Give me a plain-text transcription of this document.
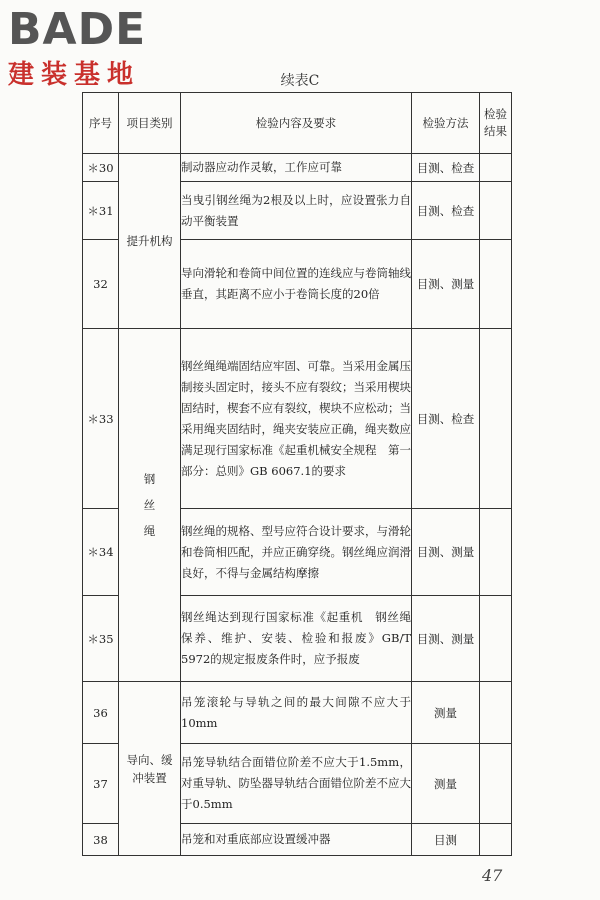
BADE
建装基地	续表C
序号	项目类别	检验内容及要求	检验方法	检验结果
＊30	提升机构	制动器应动作灵敏，工作应可靠	目测、检查	
＊31		当曳引钢丝绳为2根及以上时，应设置张力自动平衡装置	目测、检查	
32		导向滑轮和卷筒中间位置的连线应与卷筒轴线垂直，其距离不应小于卷筒长度的20倍	目测、测量	
＊33	钢丝绳	钢丝绳绳端固结应牢固、可靠。当采用金属压制接头固定时，接头不应有裂纹；当采用楔块固结时，楔套不应有裂纹，楔块不应松动；当采用绳夹固结时，绳夹安装应正确，绳夹数应满足现行国家标准《起重机械安全规程　第一部分：总则》GB 6067.1的要求	目测、检查	
＊34		钢丝绳的规格、型号应符合设计要求，与滑轮和卷筒相匹配，并应正确穿绕。钢丝绳应润滑良好，不得与金属结构摩擦	目测、测量	
＊35		钢丝绳达到现行国家标准《起重机　钢丝绳　保养、维护、安装、检验和报废》GB/T 5972的规定报废条件时，应予报废	目测、测量	
36	导向、缓冲装置	吊笼滚轮与导轨之间的最大间隙不应大于10mm	测量	
37		吊笼导轨结合面错位阶差不应大于1.5mm，对重导轨、防坠器导轨结合面错位阶差不应大于0.5mm	测量	
38		吊笼和对重底部应设置缓冲器	目测	
47
